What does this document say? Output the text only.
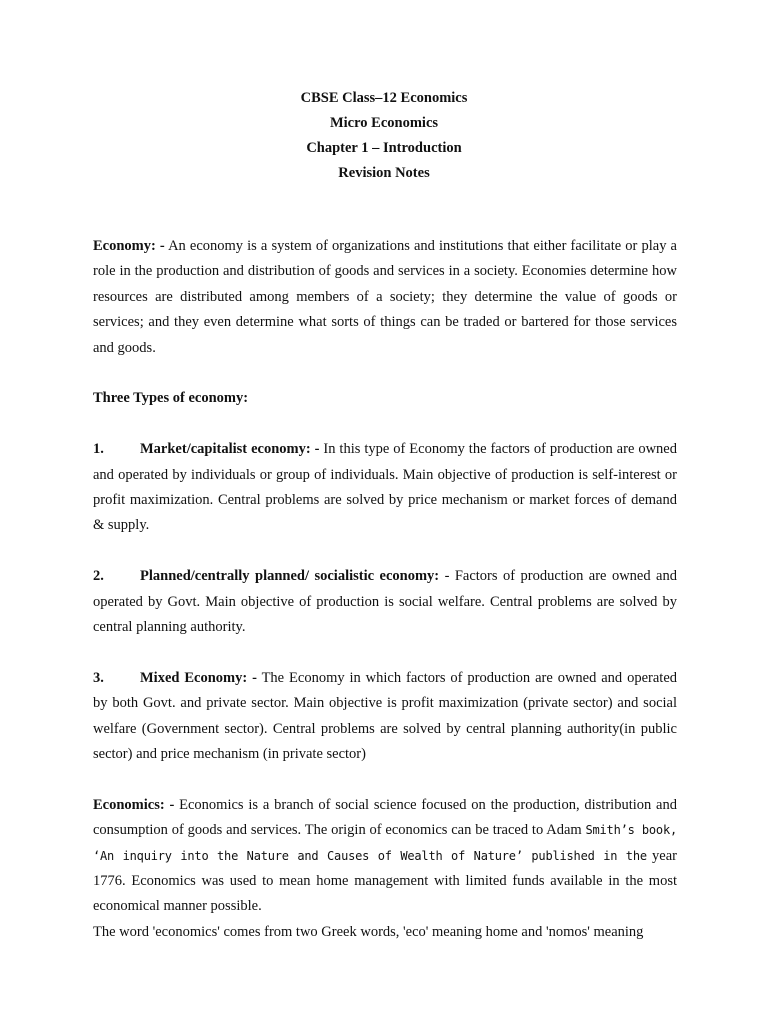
CBSE Class–12 Economics
Micro Economics
Chapter 1 – Introduction
Revision Notes

Economy: - An economy is a system of organizations and institutions that either facilitate or play a role in the production and distribution of goods and services in a society. Economies determine how resources are distributed among members of a society; they determine the value of goods or services; and they even determine what sorts of things can be traded or bartered for those services and goods.

Three Types of economy:

1. Market/capitalist economy: - In this type of Economy the factors of production are owned and operated by individuals or group of individuals. Main objective of production is self-interest or profit maximization. Central problems are solved by price mechanism or market forces of demand & supply.

2. Planned/centrally planned/ socialistic economy: - Factors of production are owned and operated by Govt. Main objective of production is social welfare. Central problems are solved by central planning authority.

3. Mixed Economy: - The Economy in which factors of production are owned and operated by both Govt. and private sector. Main objective is profit maximization (private sector) and social welfare (Government sector). Central problems are solved by central planning authority(in public sector) and price mechanism (in private sector)

Economics: - Economics is a branch of social science focused on the production, distribution and consumption of goods and services. The origin of economics can be traced to Adam Smith’s book, ‘An inquiry into the Nature and Causes of Wealth of Nature’ published in the year 1776. Economics was used to mean home management with limited funds available in the most economical manner possible.

The word 'economics' comes from two Greek words, 'eco' meaning home and 'nomos' meaning
